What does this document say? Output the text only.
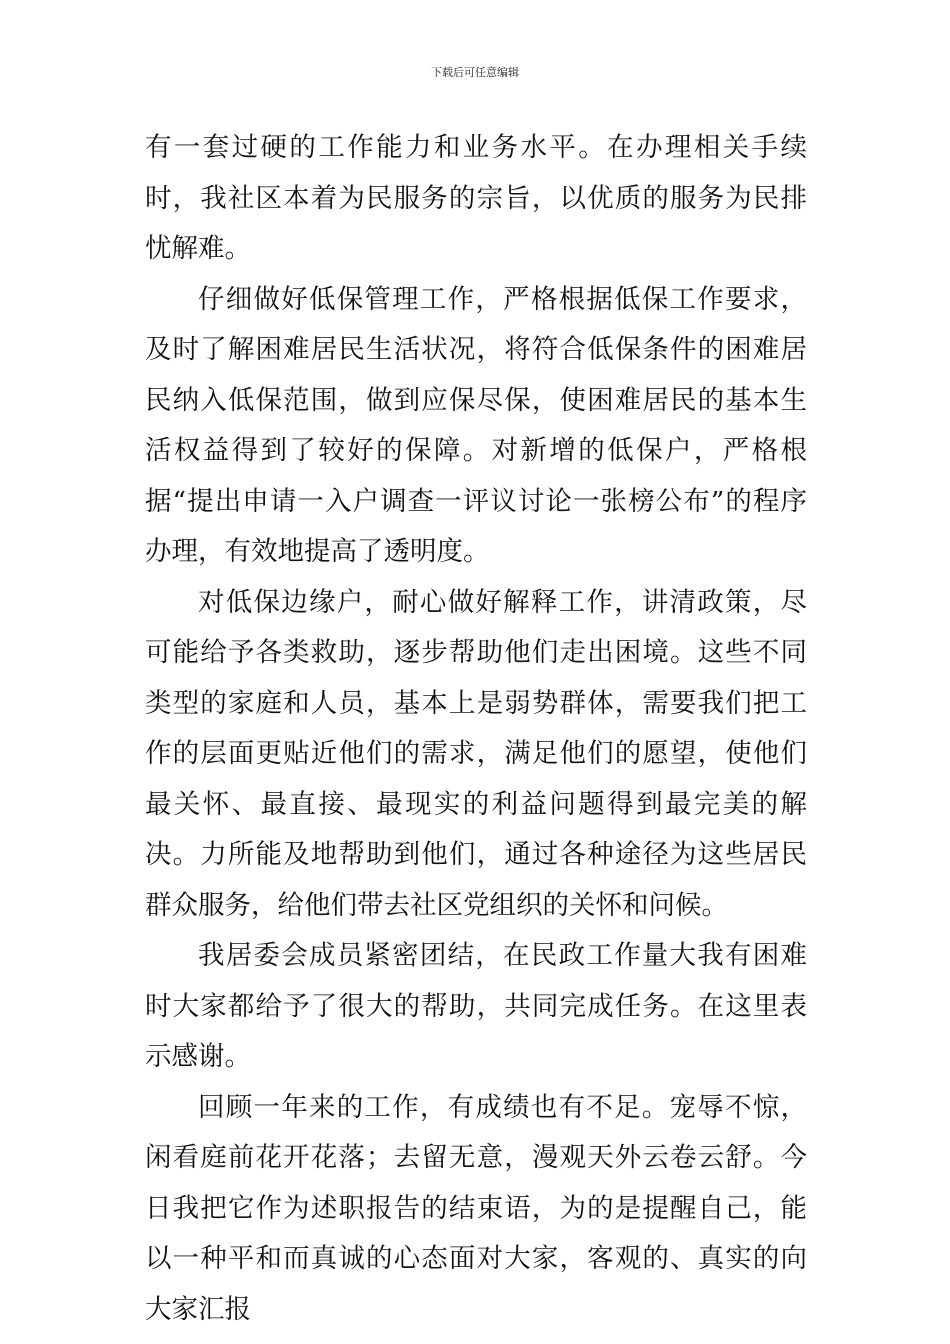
下载后可任意编辑

有一套过硬的工作能力和业务水平。在办理相关手续时，我社区本着为民服务的宗旨，以优质的服务为民排忧解难。

仔细做好低保管理工作，严格根据低保工作要求，及时了解困难居民生活状况，将符合低保条件的困难居民纳入低保范围，做到应保尽保，使困难居民的基本生活权益得到了较好的保障。对新增的低保户，严格根据“提出申请一入户调查一评议讨论一张榜公布”的程序办理，有效地提高了透明度。

对低保边缘户，耐心做好解释工作，讲清政策，尽可能给予各类救助，逐步帮助他们走出困境。这些不同类型的家庭和人员，基本上是弱势群体，需要我们把工作的层面更贴近他们的需求，满足他们的愿望，使他们最关怀、最直接、最现实的利益问题得到最完美的解决。力所能及地帮助到他们，通过各种途径为这些居民群众服务，给他们带去社区党组织的关怀和问候。

我居委会成员紧密团结，在民政工作量大我有困难时大家都给予了很大的帮助，共同完成任务。在这里表示感谢。

回顾一年来的工作，有成绩也有不足。宠辱不惊，闲看庭前花开花落；去留无意，漫观天外云卷云舒。今日我把它作为述职报告的结束语，为的是提醒自己，能以一种平和而真诚的心态面对大家，客观的、真实的向大家汇报
